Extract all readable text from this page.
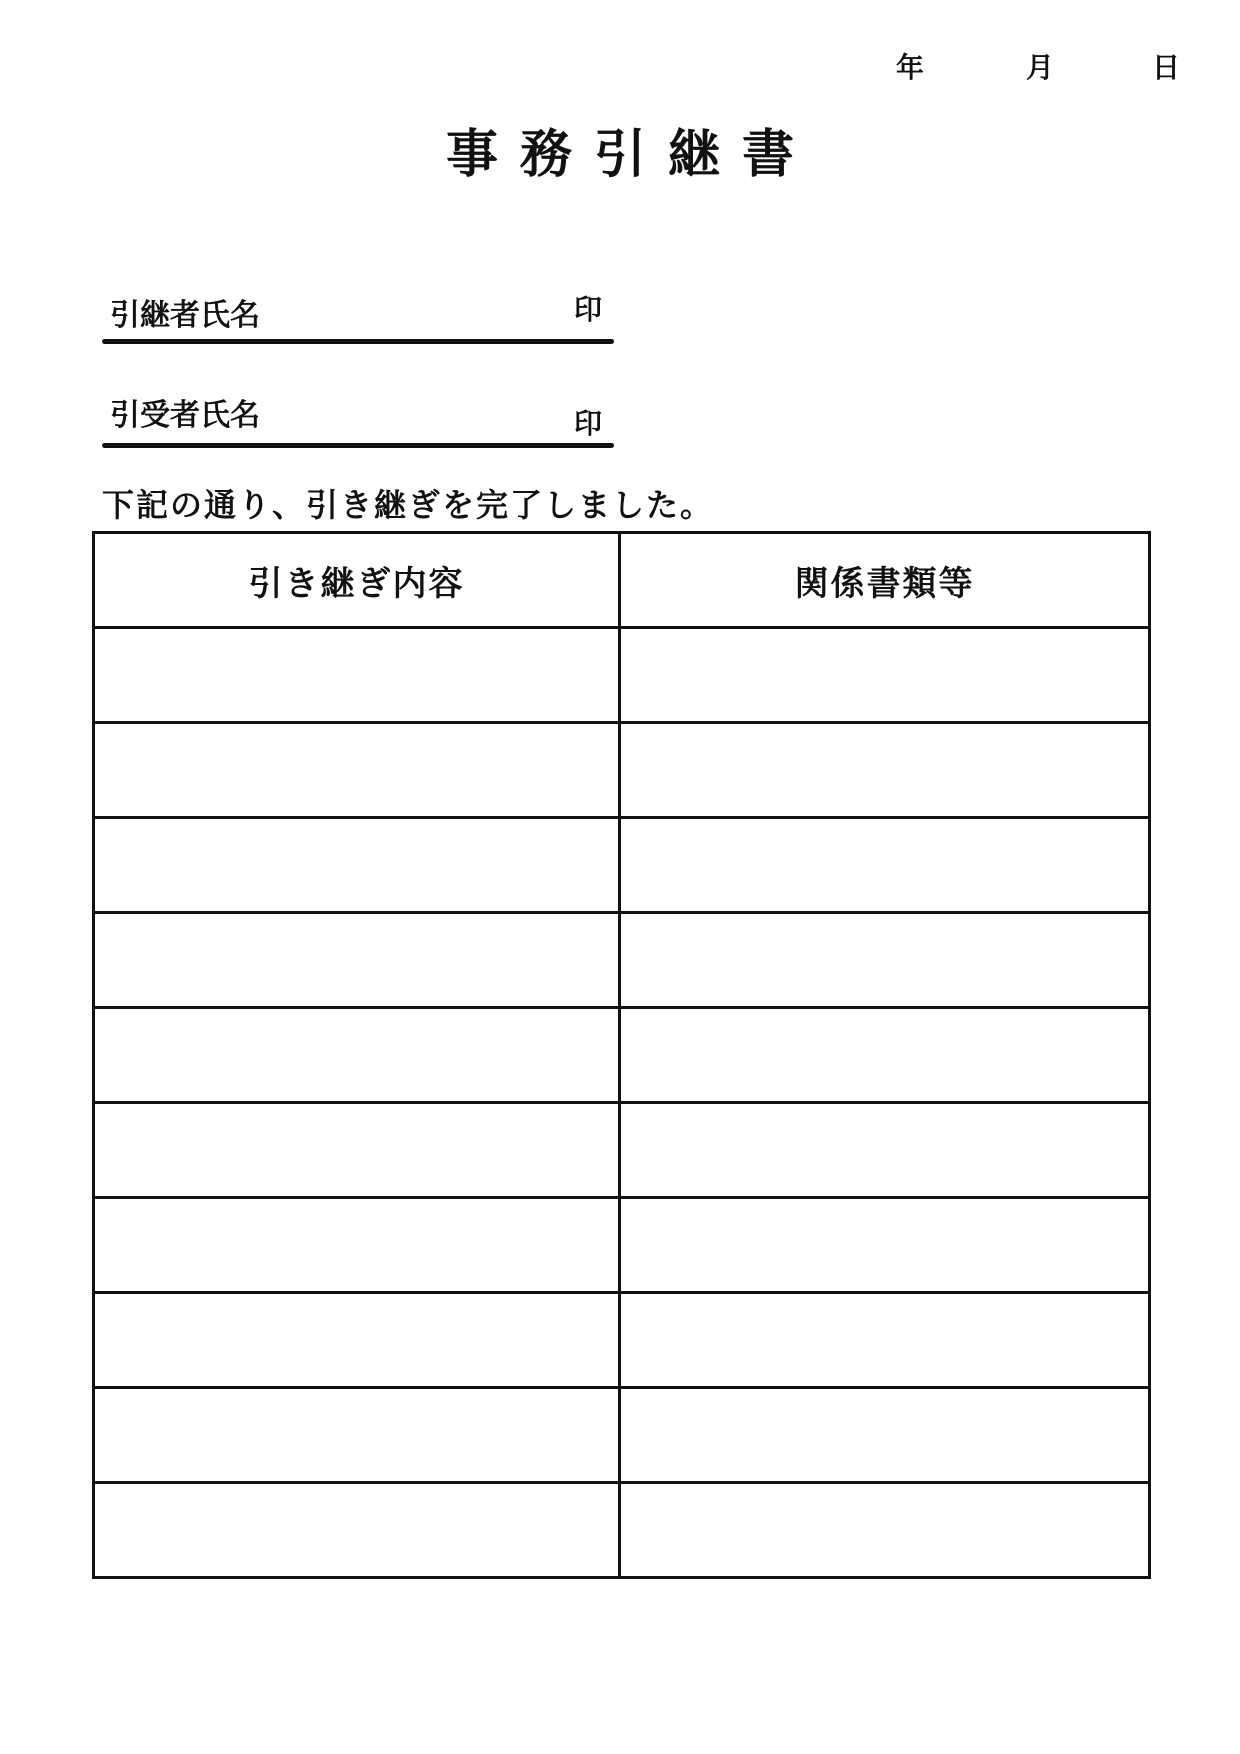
年	月	日
事務引継書
引継者氏名	印
引受者氏名	印
下記の通り、引き継ぎを完了しました。
引き継ぎ内容	関係書類等
